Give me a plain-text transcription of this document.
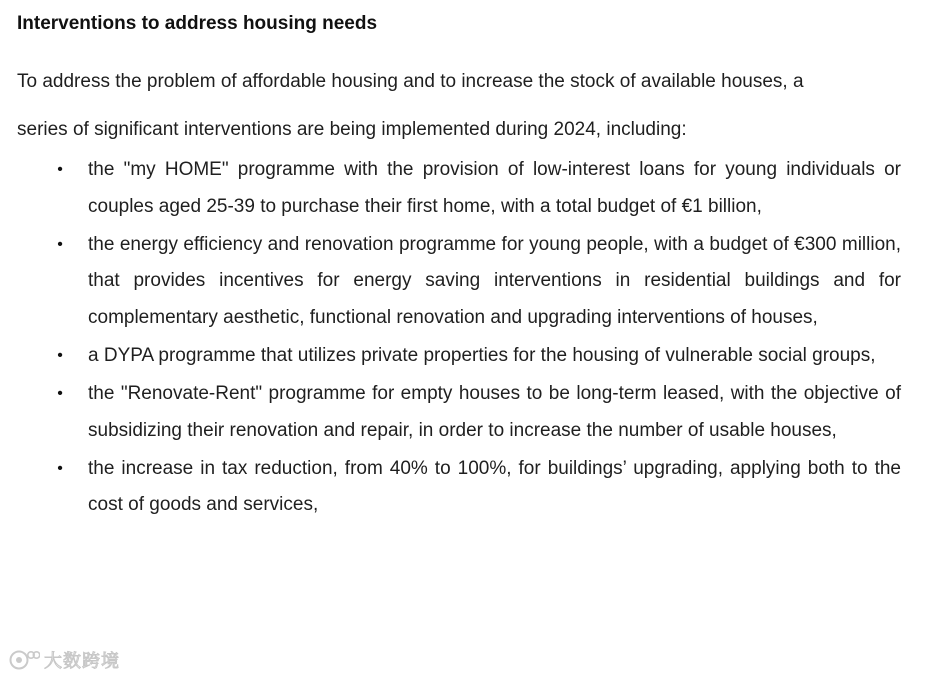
Interventions to address housing needs

To address the problem of affordable housing and to increase the stock of available houses, a
series of significant interventions are being implemented during 2024, including:

• the "my HOME" programme with the provision of low-interest loans for young individuals or couples aged 25-39 to purchase their first home, with a total budget of €1 billion,
• the energy efficiency and renovation programme for young people, with a budget of €300 million, that provides incentives for energy saving interventions in residential buildings and for complementary aesthetic, functional renovation and upgrading interventions of houses,
• a DYPA programme that utilizes private properties for the housing of vulnerable social groups,
• the "Renovate-Rent" programme for empty houses to be long-term leased, with the objective of subsidizing their renovation and repair, in order to increase the number of usable houses,
• the increase in tax reduction, from 40% to 100%, for buildings’ upgrading, applying both to the cost of goods and services,
大数跨境
